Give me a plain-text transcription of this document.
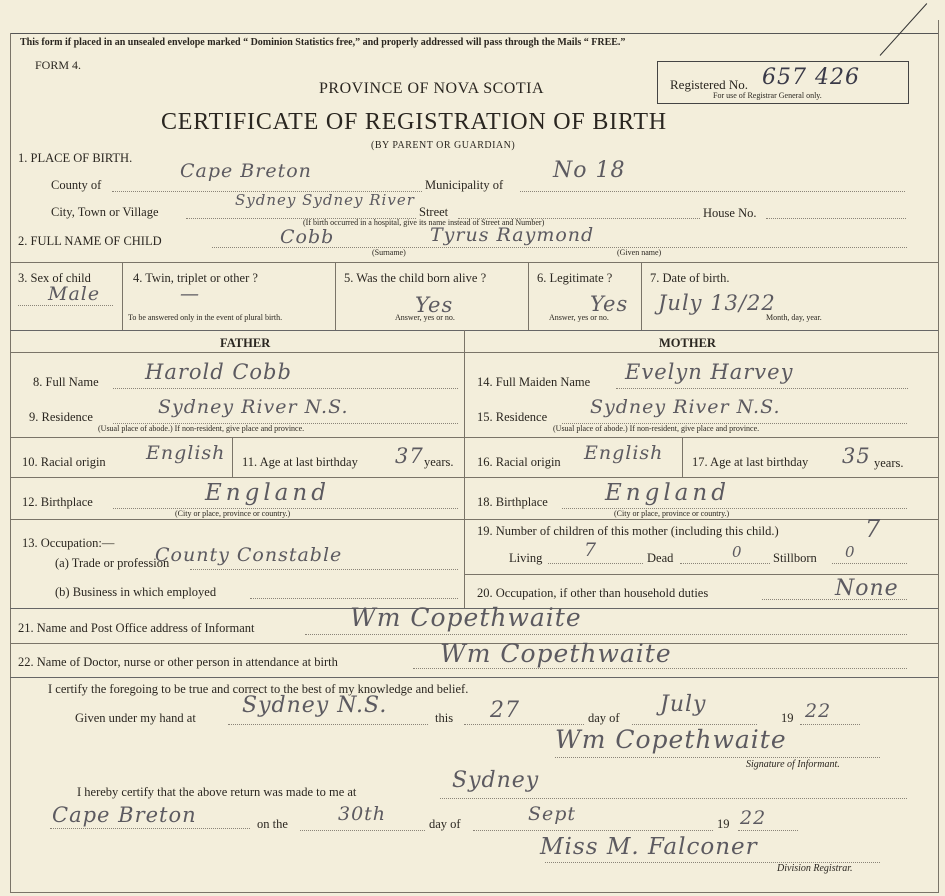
This form if placed in an unsealed envelope marked “ Dominion Statistics free,” and properly addressed will pass through the Mails “ FREE.”
FORM 4.
PROVINCE OF NOVA SCOTIA
CERTIFICATE OF REGISTRATION OF BIRTH
(BY PARENT OR GUARDIAN)
Registered No. 657 426
For use of Registrar General only.
1. PLACE OF BIRTH.
County of
Cape Breton
Municipality of
No 18
City, Town or Village
Sydney Sydney River
Street	House No.
(If birth occurred in a hospital, give its name instead of Street and Number)
2. FULL NAME OF CHILD	Cobb	Tyrus Raymond
(Surname)	(Given name)
3. Sex of child
Male
4. Twin, triplet or other ?
—
To be answered only in the event of plural birth.
5. Was the child born alive ?
Yes
Answer, yes or no.
6. Legitimate ?
Yes
Answer, yes or no.
7. Date of birth.
July 13/22
Month, day, year.
FATHER	MOTHER
8. Full Name Harold Cobb	14. Full Maiden Name Evelyn Harvey
9. Residence	Sydney River N.S.
(Usual place of abode.) If non-resident, give place and province.
15. Residence Sydney River N.S.
(Usual place of abode.) If non-resident, give place and province.
10. Racial origin English 11. Age at last birthday 37 years. 16. Racial origin English 17. Age at last birthday 35 years.
12. Birthplace	England
(City or place, province or country.)
18. Birthplace England
(City or place, province or country.)
13. Occupation:—
(a) Trade or profession
County Constable
(b) Business in which employed
19. Number of children of this mother (including this child.)	7
Living 7	Dead	0 Stillborn 0
20. Occupation, if other than household duties	None
21. Name and Post Office address of Informant	Wm Copethwaite
22. Name of Doctor, nurse or other person in attendance at birth	Wm Copethwaite
I certify the foregoing to be true and correct to the best of my knowledge and belief.
Given under my hand at Sydney N.S.	this 27	day of
July
19 22
Wm Copethwaite
Signature of Informant.
I hereby certify that the above return was made to me at	Sydney
Cape Breton	on the	30th	day of	Sept	19 22
Miss M. Falconer
Division Registrar.
